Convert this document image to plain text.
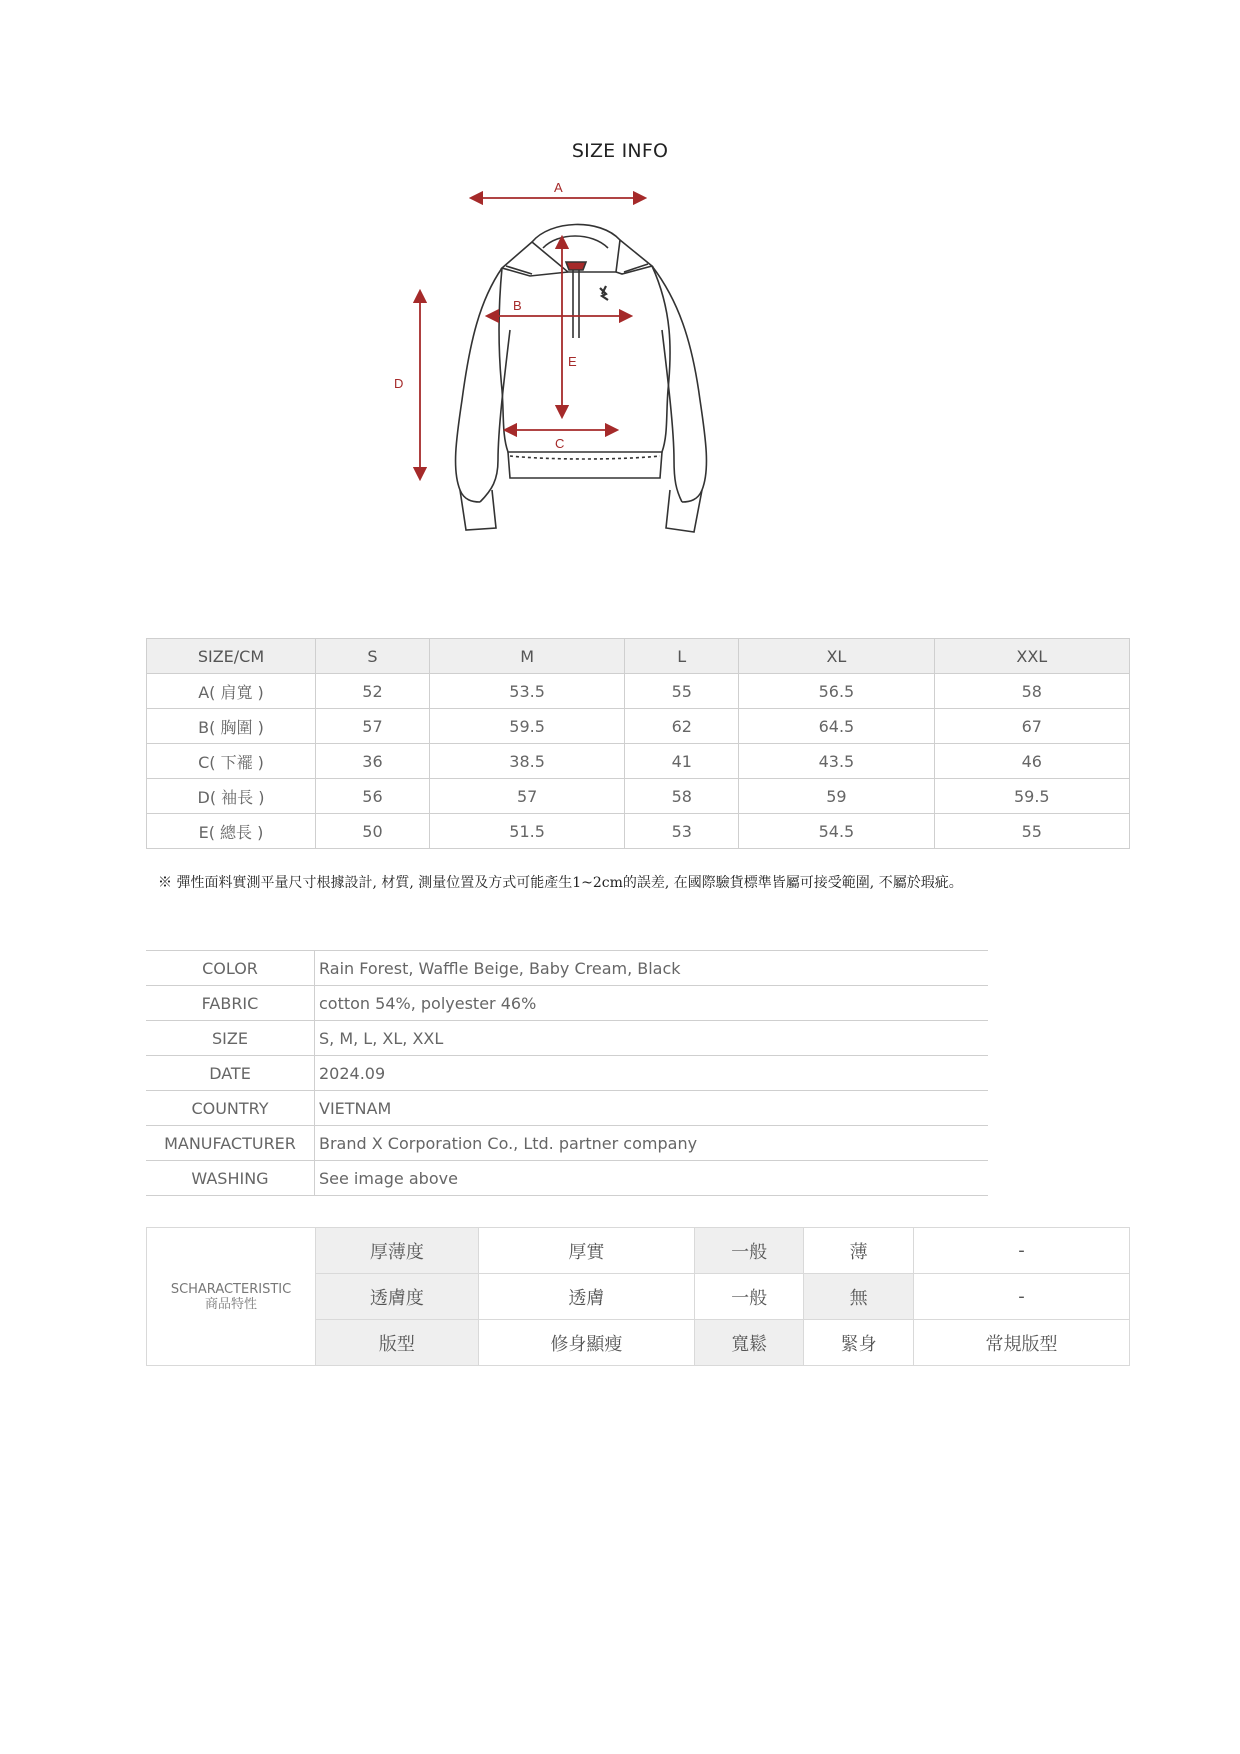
SIZE INFO
A
B
C
D
E
SIZE/CM	S	M	L	XL	XXL
A( 肩寬 )	52	53.5	55	56.5	58
B( 胸圍 )	57	59.5	62	64.5	67
C( 下襬 )	36	38.5	41	43.5	46
D( 袖長 )	56	57	58	59	59.5
E( 總長 )	50	51.5	53	54.5	55
※ 彈性面料實測平量尺寸根據設計, 材質, 測量位置及方式可能產生1~2cm的誤差, 在國際驗貨標準皆屬可接受範圍, 不屬於瑕疵。
COLOR	Rain Forest, Waffle Beige, Baby Cream, Black
FABRIC	cotton 54%, polyester 46%
SIZE	S, M, L, XL, XXL
DATE	2024.09
COUNTRY	VIETNAM
MANUFACTURER	Brand X Corporation Co., Ltd. partner company
WASHING	See image above
SCHARACTERISTIC
商品特性	厚薄度	厚實	一般	薄	-
	透膚度	透膚	一般	無	-
	版型	修身顯瘦	寬鬆	緊身	常規版型
